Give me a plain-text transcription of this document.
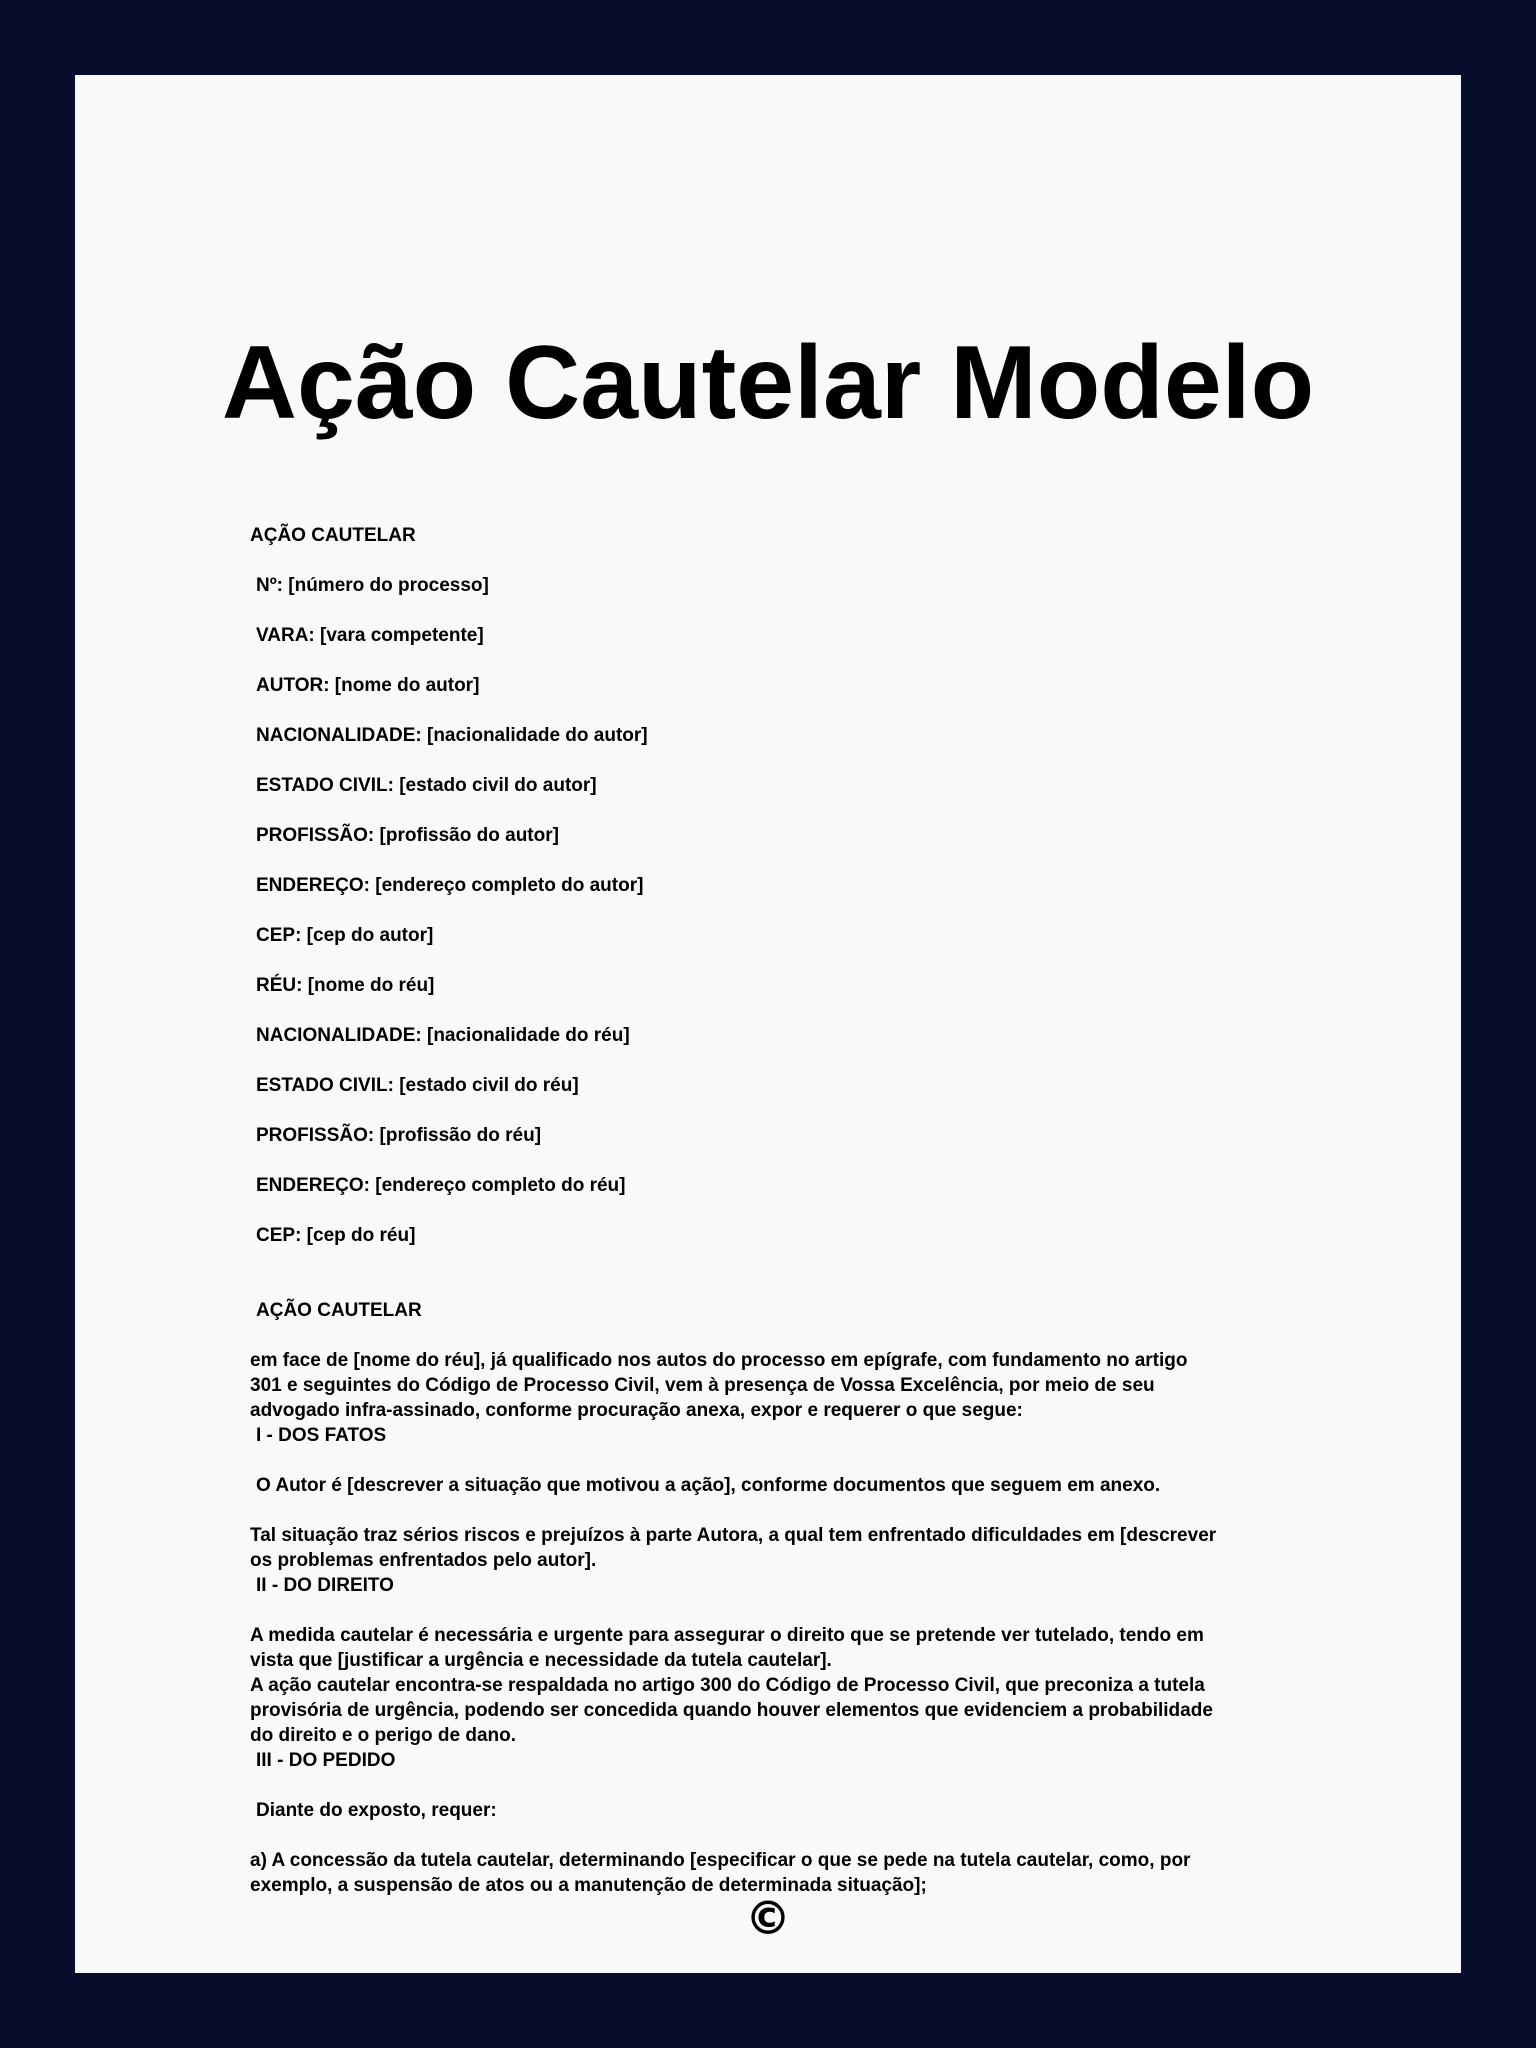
Ação Cautelar Modelo
AÇÃO CAUTELAR
Nº: [número do processo]
VARA: [vara competente]
AUTOR: [nome do autor]
NACIONALIDADE: [nacionalidade do autor]
ESTADO CIVIL: [estado civil do autor]
PROFISSÃO: [profissão do autor]
ENDEREÇO: [endereço completo do autor]
CEP: [cep do autor]
RÉU: [nome do réu]
NACIONALIDADE: [nacionalidade do réu]
ESTADO CIVIL: [estado civil do réu]
PROFISSÃO: [profissão do réu]
ENDEREÇO: [endereço completo do réu]
CEP: [cep do réu]
AÇÃO CAUTELAR
em face de [nome do réu], já qualificado nos autos do processo em epígrafe, com fundamento no artigo
301 e seguintes do Código de Processo Civil, vem à presença de Vossa Excelência, por meio de seu
advogado infra-assinado, conforme procuração anexa, expor e requerer o que segue:
I - DOS FATOS
O Autor é [descrever a situação que motivou a ação], conforme documentos que seguem em anexo.
Tal situação traz sérios riscos e prejuízos à parte Autora, a qual tem enfrentado dificuldades em [descrever
os problemas enfrentados pelo autor].
II - DO DIREITO
A medida cautelar é necessária e urgente para assegurar o direito que se pretende ver tutelado, tendo em
vista que [justificar a urgência e necessidade da tutela cautelar].
A ação cautelar encontra-se respaldada no artigo 300 do Código de Processo Civil, que preconiza a tutela
provisória de urgência, podendo ser concedida quando houver elementos que evidenciem a probabilidade
do direito e o perigo de dano.
III - DO PEDIDO
Diante do exposto, requer:
a) A concessão da tutela cautelar, determinando [especificar o que se pede na tutela cautelar, como, por
exemplo, a suspensão de atos ou a manutenção de determinada situação];
©
